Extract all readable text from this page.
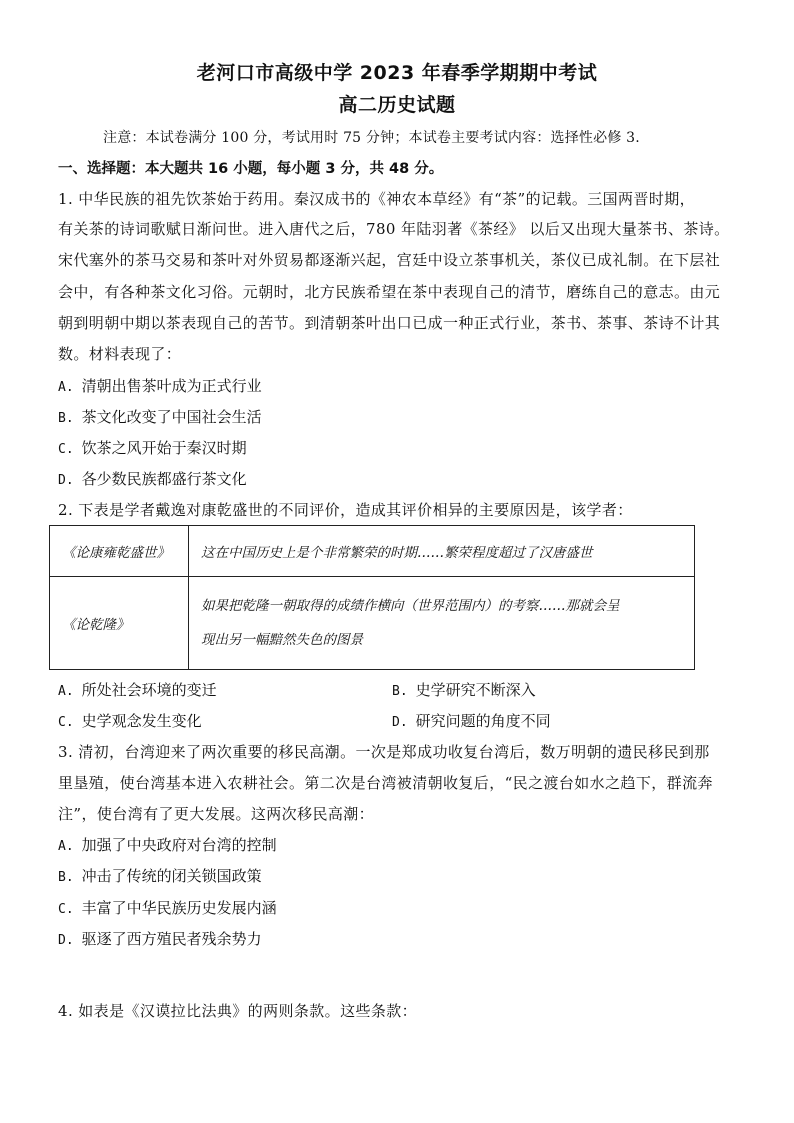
老河口市高级中学 2023 年春季学期期中考试
高二历史试题
注意：本试卷满分 100 分，考试用时 75 分钟；本试卷主要考试内容：选择性必修 3.
一、选择题：本大题共 16 小题，每小题 3 分，共 48 分。
1. 中华民族的祖先饮茶始于药用。秦汉成书的《神农本草经》有“茶”的记载。三国两晋时期，
有关茶的诗词歌赋日渐问世。进入唐代之后，780 年陆羽著《茶经》 以后又出现大量茶书、茶诗。
宋代塞外的茶马交易和茶叶对外贸易都逐渐兴起，宫廷中设立茶事机关，茶仪已成礼制。在下层社
会中，有各种茶文化习俗。元朝时，北方民族希望在茶中表现自己的清节，磨练自己的意志。由元
朝到明朝中期以茶表现自己的苦节。到清朝茶叶出口已成一种正式行业，茶书、茶事、茶诗不计其
数。材料表现了：
A. 清朝出售茶叶成为正式行业
B. 茶文化改变了中国社会生活
C. 饮茶之风开始于秦汉时期
D. 各少数民族都盛行茶文化
2. 下表是学者戴逸对康乾盛世的不同评价，造成其评价相异的主要原因是，该学者：
《论康雍乾盛世》	这在中国历史上是个非常繁荣的时期……繁荣程度超过了汉唐盛世
《论乾隆》	如果把乾隆一朝取得的成绩作横向（世界范围内）的考察……那就会呈
现出另一幅黯然失色的图景
A. 所处社会环境的变迁	B. 史学研究不断深入
C. 史学观念发生变化	D. 研究问题的角度不同
3. 清初，台湾迎来了两次重要的移民高潮。一次是郑成功收复台湾后，数万明朝的遗民移民到那
里垦殖，使台湾基本进入农耕社会。第二次是台湾被清朝收复后，“民之渡台如水之趋下，群流奔
注”，使台湾有了更大发展。这两次移民高潮：
A. 加强了中央政府对台湾的控制
B. 冲击了传统的闭关锁国政策
C. 丰富了中华民族历史发展内涵
D. 驱逐了西方殖民者残余势力
4. 如表是《汉谟拉比法典》的两则条款。这些条款：
